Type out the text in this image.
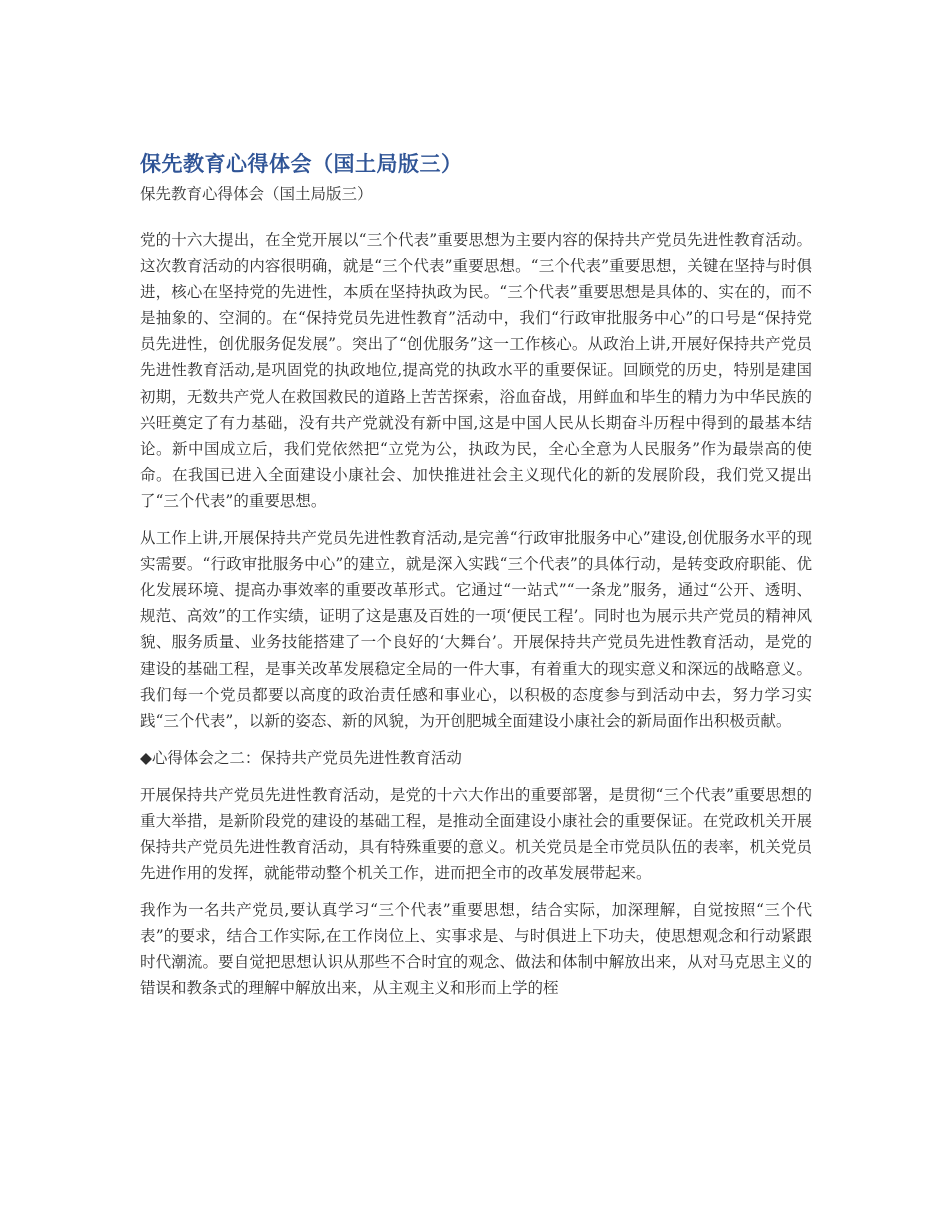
保先教育心得体会（国土局版三）

保先教育心得体会（国土局版三）

党的十六大提出，在全党开展以“三个代表”重要思想为主要内容的保持共产党员先进性教育活动。这次教育活动的内容很明确，就是“三个代表”重要思想。“三个代表”重要思想，关键在坚持与时俱进，核心在坚持党的先进性，本质在坚持执政为民。“三个代表”重要思想是具体的、实在的，而不是抽象的、空洞的。在“保持党员先进性教育”活动中，我们“行政审批服务中心”的口号是“保持党员先进性，创优服务促发展”。突出了“创优服务”这一工作核心。从政治上讲,开展好保持共产党员先进性教育活动,是巩固党的执政地位,提高党的执政水平的重要保证。回顾党的历史，特别是建国初期，无数共产党人在救国救民的道路上苦苦探索，浴血奋战，用鲜血和毕生的精力为中华民族的兴旺奠定了有力基础，没有共产党就没有新中国,这是中国人民从长期奋斗历程中得到的最基本结论。新中国成立后，我们党依然把“立党为公，执政为民，全心全意为人民服务”作为最崇高的使命。在我国已进入全面建设小康社会、加快推进社会主义现代化的新的发展阶段，我们党又提出了“三个代表”的重要思想。

从工作上讲,开展保持共产党员先进性教育活动,是完善“行政审批服务中心”建设,创优服务水平的现实需要。“行政审批服务中心”的建立，就是深入实践“三个代表”的具体行动，是转变政府职能、优化发展环境、提高办事效率的重要改革形式。它通过“一站式”“一条龙”服务，通过“公开、透明、规范、高效”的工作实绩，证明了这是惠及百姓的一项‘便民工程’。同时也为展示共产党员的精神风貌、服务质量、业务技能搭建了一个良好的‘大舞台’。开展保持共产党员先进性教育活动，是党的建设的基础工程，是事关改革发展稳定全局的一件大事，有着重大的现实意义和深远的战略意义。我们每一个党员都要以高度的政治责任感和事业心，以积极的态度参与到活动中去，努力学习实践“三个代表”，以新的姿态、新的风貌，为开创肥城全面建设小康社会的新局面作出积极贡献。

◆心得体会之二：保持共产党员先进性教育活动

开展保持共产党员先进性教育活动，是党的十六大作出的重要部署，是贯彻“三个代表”重要思想的重大举措，是新阶段党的建设的基础工程，是推动全面建设小康社会的重要保证。在党政机关开展保持共产党员先进性教育活动，具有特殊重要的意义。机关党员是全市党员队伍的表率，机关党员先进作用的发挥，就能带动整个机关工作，进而把全市的改革发展带起来。

我作为一名共产党员,要认真学习“三个代表”重要思想，结合实际，加深理解，自觉按照“三个代表”的要求，结合工作实际,在工作岗位上、实事求是、与时俱进上下功夫，使思想观念和行动紧跟时代潮流。要自觉把思想认识从那些不合时宜的观念、做法和体制中解放出来，从对马克思主义的错误和教条式的理解中解放出来，从主观主义和形而上学的桎
